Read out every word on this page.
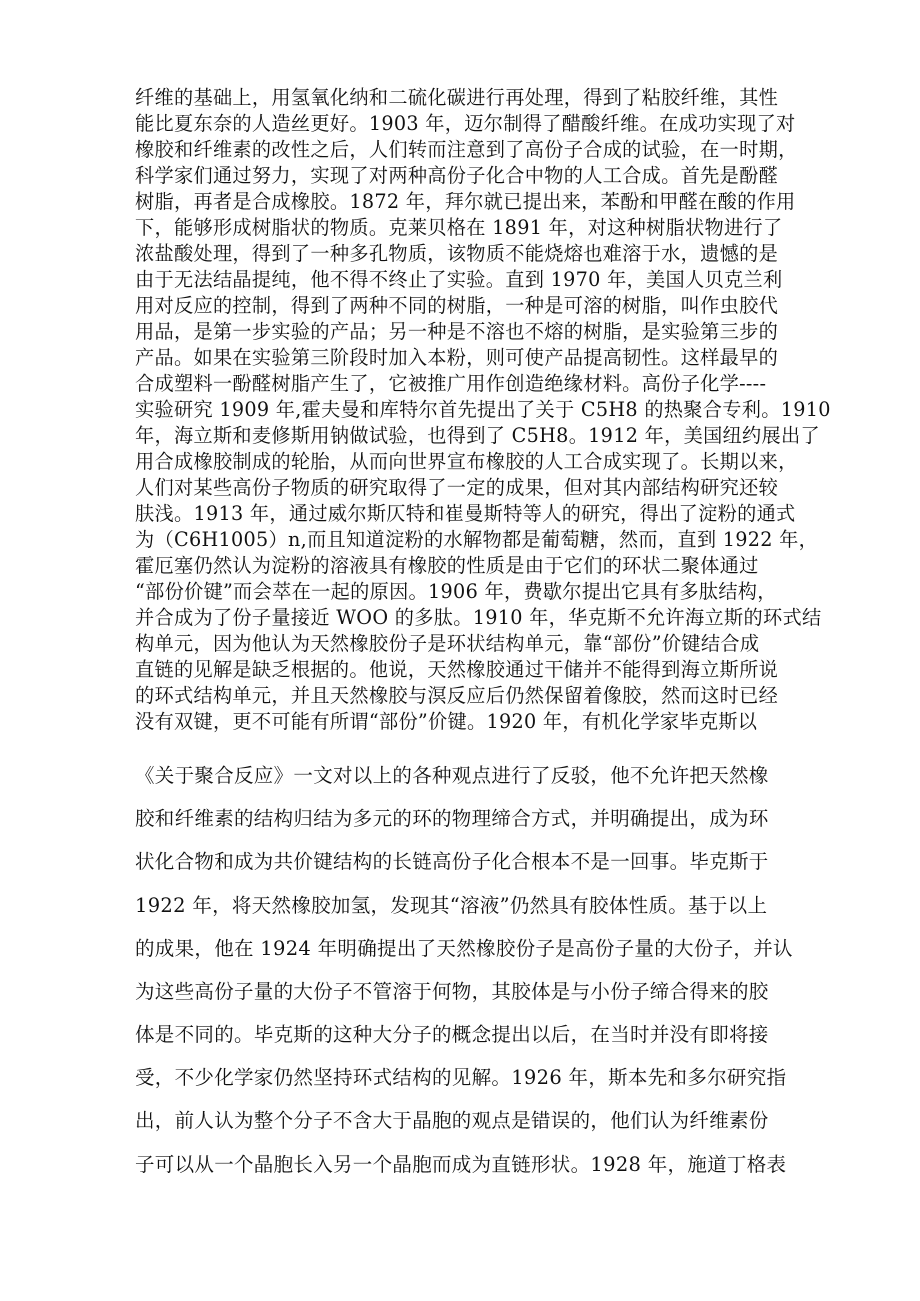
纤维的基础上，用氢氧化纳和二硫化碳进行再处理，得到了粘胶纤维，其性
能比夏东奈的人造丝更好。1903 年，迈尔制得了醋酸纤维。在成功实现了对
橡胶和纤维素的改性之后，人们转而注意到了高份子合成的试验，在一时期，
科学家们通过努力，实现了对两种高份子化合中物的人工合成。首先是酚醛
树脂，再者是合成橡胶。1872 年，拜尔就已提出来，苯酚和甲醛在酸的作用
下，能够形成树脂状的物质。克莱贝格在 1891 年，对这种树脂状物进行了
浓盐酸处理，得到了一种多孔物质，该物质不能烧熔也难溶于水，遗憾的是
由于无法结晶提纯，他不得不终止了实验。直到 1970 年，美国人贝克兰利
用对反应的控制，得到了两种不同的树脂，一种是可溶的树脂，叫作虫胶代
用品，是第一步实验的产品；另一种是不溶也不熔的树脂，是实验第三步的
产品。如果在实验第三阶段时加入本粉，则可使产品提高韧性。这样最早的
合成塑料一酚醛树脂产生了，它被推广用作创造绝缘材料。高份子化学----
实验研究 1909 年,霍夫曼和库特尔首先提出了关于 C5H8 的热聚合专利。1910
年，海立斯和麦修斯用钠做试验，也得到了 C5H8。1912 年，美国纽约展出了
用合成橡胶制成的轮胎，从而向世界宣布橡胶的人工合成实现了。长期以来，
人们对某些高份子物质的研究取得了一定的成果，但对其内部结构研究还较
肤浅。1913 年，通过威尔斯仄特和崔曼斯特等人的研究，得出了淀粉的通式
为（C6H1005）n,而且知道淀粉的水解物都是葡萄糖，然而，直到 1922 年，
霍厄塞仍然认为淀粉的溶液具有橡胶的性质是由于它们的环状二聚体通过
“部份价键”而会萃在一起的原因。1906 年，费歇尔提出它具有多肽结构，
并合成为了份子量接近 WOO 的多肽。1910 年，华克斯不允许海立斯的环式结
构单元，因为他认为天然橡胶份子是环状结构单元，靠“部份”价键结合成
直链的见解是缺乏根据的。他说，天然橡胶通过干储并不能得到海立斯所说
的环式结构单元，并且天然橡胶与溟反应后仍然保留着像胶，然而这时已经
没有双键，更不可能有所谓“部份”价键。1920 年，有机化学家毕克斯以
《关于聚合反应》一文对以上的各种观点进行了反驳，他不允许把天然橡
胶和纤维素的结构归结为多元的环的物理缔合方式，并明确提出，成为环
状化合物和成为共价键结构的长链高份子化合根本不是一回事。毕克斯于
1922 年，将天然橡胶加氢，发现其“溶液”仍然具有胶体性质。基于以上
的成果，他在 1924 年明确提出了天然橡胶份子是高份子量的大份子，并认
为这些高份子量的大份子不管溶于何物，其胶体是与小份子缔合得来的胶
体是不同的。毕克斯的这种大分子的概念提出以后，在当时并没有即将接
受，不少化学家仍然坚持环式结构的见解。1926 年，斯本先和多尔研究指
出，前人认为整个分子不含大于晶胞的观点是错误的，他们认为纤维素份
子可以从一个晶胞长入另一个晶胞而成为直链形状。1928 年，施道丁格表
